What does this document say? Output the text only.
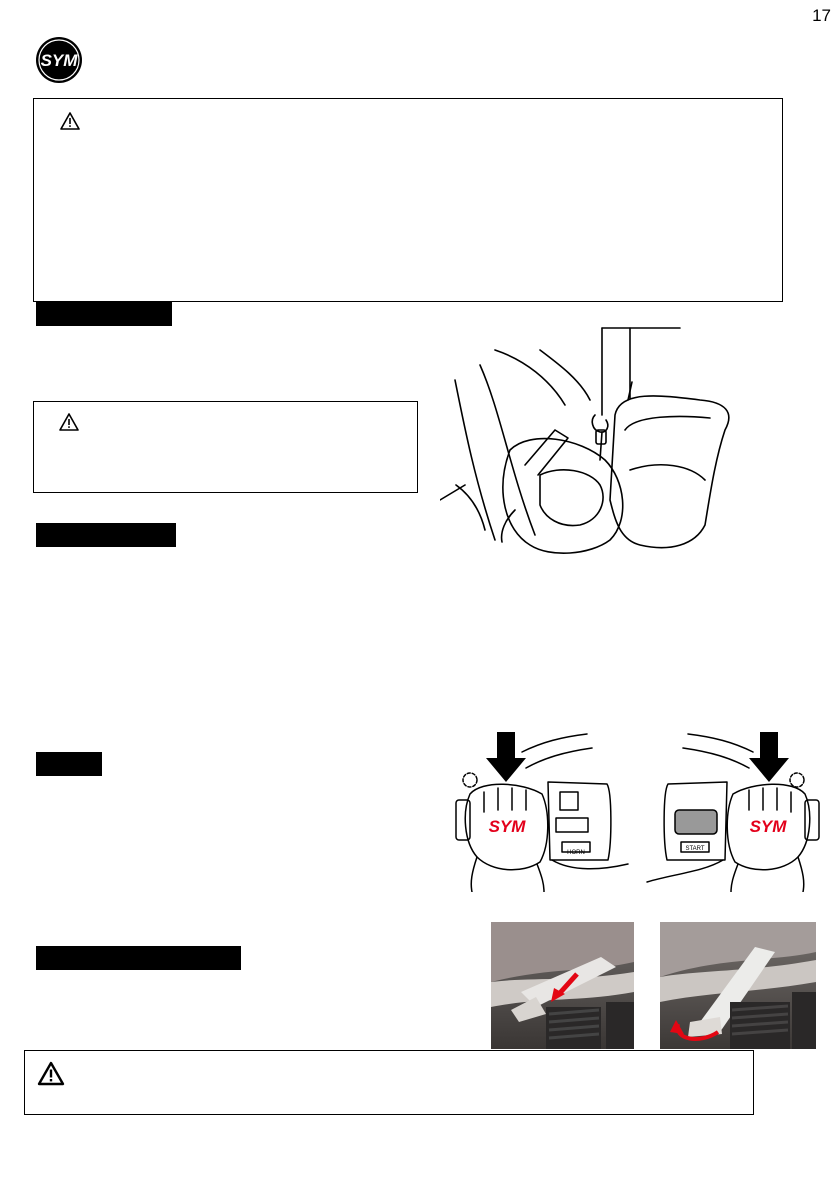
17
SYM
SYM
HORN
SYM
START
